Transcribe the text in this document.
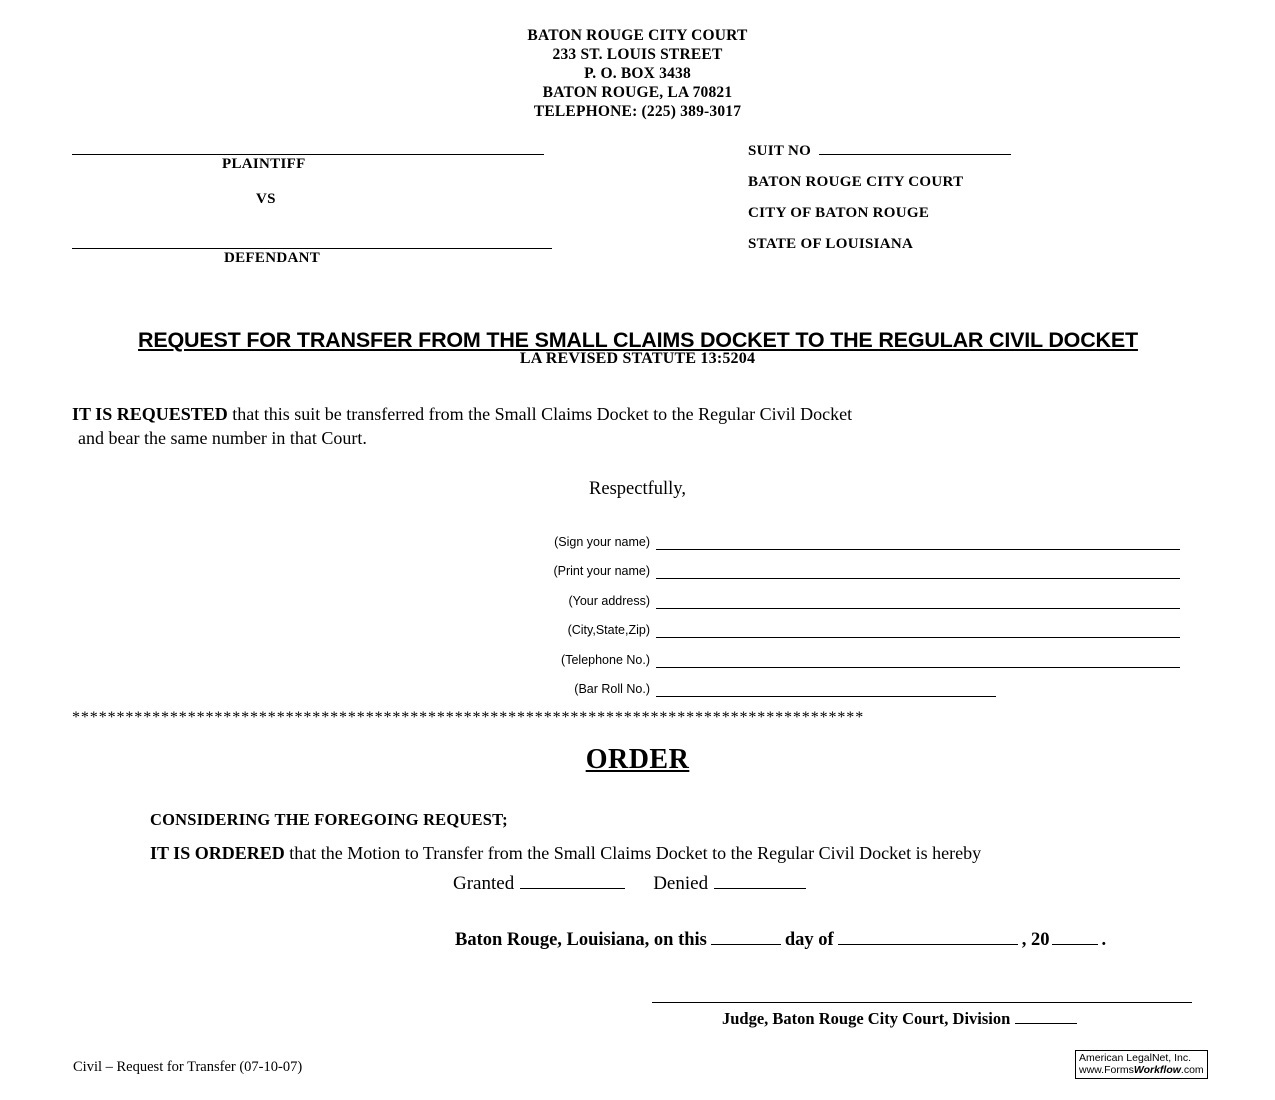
BATON ROUGE CITY COURT
233 ST. LOUIS STREET
P. O. BOX 3438
BATON ROUGE, LA 70821
TELEPHONE: (225) 389-3017
PLAINTIFF
VS
DEFENDANT
SUIT NO
BATON ROUGE CITY COURT
CITY OF BATON ROUGE
STATE OF LOUISIANA
REQUEST FOR TRANSFER FROM THE SMALL CLAIMS DOCKET TO THE REGULAR CIVIL DOCKET
LA REVISED STATUTE 13:5204
IT IS REQUESTED that this suit be transferred from the Small Claims Docket to the Regular Civil Docket
and bear the same number in that Court.
Respectfully,
(Sign your name)
(Print your name)
(Your address)
(City,State,Zip)
(Telephone No.)
(Bar Roll No.)
*****************************************************************************************
ORDER
CONSIDERING THE FOREGOING REQUEST;
IT IS ORDERED that the Motion to Transfer from the Small Claims Docket to the Regular Civil Docket is hereby
Granted	Denied
Baton Rouge, Louisiana, on this	day of	, 20	.
Judge, Baton Rouge City Court, Division
Civil – Request for Transfer (07-10-07)
American LegalNet, Inc.
www.FormsWorkflow.com
